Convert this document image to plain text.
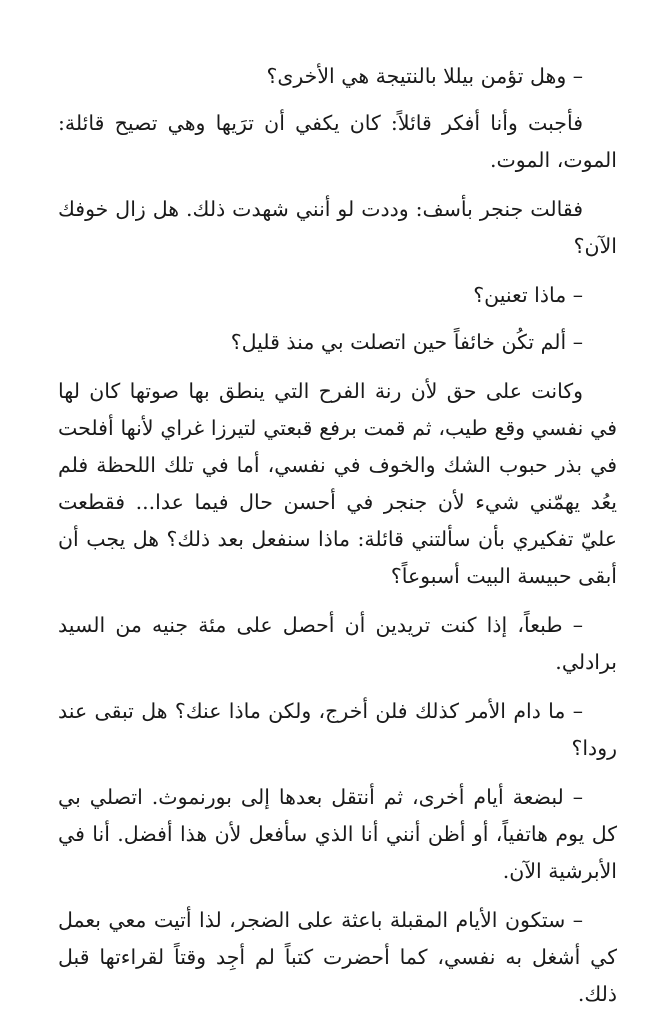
– وهل تؤمن بيللا بالنتيجة هي الأخرى؟

فأجبت وأنا أفكر قائلاً: كان يكفي أن ترَيها وهي تصيح قائلة: الموت، الموت.

فقالت جنجر بأسف: وددت لو أنني شهدت ذلك. هل زال خوفك الآن؟

– ماذا تعنين؟

– ألم تكُن خائفاً حين اتصلت بي منذ قليل؟

وكانت على حق لأن رنة الفرح التي ينطق بها صوتها كان لها في نفسي وقع طيب، ثم قمت برفع قبعتي لتيرزا غراي لأنها أفلحت في بذر حبوب الشك والخوف في نفسي، أما في تلك اللحظة فلم يعُد يهمّني شيء لأن جنجر في أحسن حال فيما عدا... فقطعت عليّ تفكيري بأن سألتني قائلة: ماذا سنفعل بعد ذلك؟ هل يجب أن أبقى حبيسة البيت أسبوعاً؟

– طبعاً، إذا كنت تريدين أن أحصل على مئة جنيه من السيد برادلي.

– ما دام الأمر كذلك فلن أخرج، ولكن ماذا عنك؟ هل تبقى عند رودا؟

– لبضعة أيام أخرى، ثم أنتقل بعدها إلى بورنموث. اتصلي بي كل يوم هاتفياً، أو أظن أنني أنا الذي سأفعل لأن هذا أفضل. أنا في الأبرشية الآن.

– ستكون الأيام المقبلة باعثة على الضجر، لذا أتيت معي بعمل كي أشغل به نفسي، كما أحضرت كتباً لم أجِد وقتاً لقراءتها قبل ذلك.
